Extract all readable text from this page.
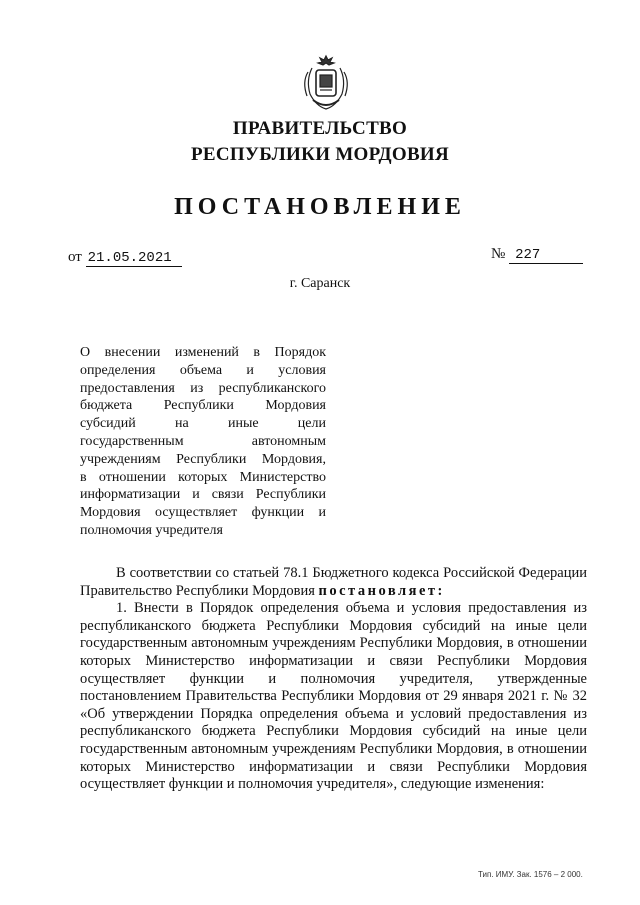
ПРАВИТЕЛЬСТВО
РЕСПУБЛИКИ МОРДОВИЯ
ПОСТАНОВЛЕНИЕ
от 21.05.2021	№ 227
г. Саранск
О внесении изменений в Порядок
определения объема и условия
предоставления из республиканского
бюджета Республики Мордовия
субсидий на иные цели
государственным автономным
учреждениям Республики Мордовия,
в отношении которых Министерство
информатизации и связи Республики
Мордовия осуществляет функции и
полномочия учредителя

В соответствии со статьей 78.1 Бюджетного кодекса Российской Федерации Правительство Республики Мордовия постановляет:

1. Внести в Порядок определения объема и условия предоставления из республиканского бюджета Республики Мордовия субсидий на иные цели государственным автономным учреждениям Республики Мордовия, в отношении которых Министерство информатизации и связи Республики Мордовия осуществляет функции и полномочия учредителя, утвержденные постановлением Правительства Республики Мордовия от 29 января 2021 г. № 32 «Об утверждении Порядка определения объема и условий предоставления из республиканского бюджета Республики Мордовия субсидий на иные цели государственным автономным учреждениям Республики Мордовия, в отношении которых Министерство информатизации и связи Республики Мордовия осуществляет функции и полномочия учредителя», следующие изменения:

Тип. ИМУ. Зак. 1576 – 2 000.
